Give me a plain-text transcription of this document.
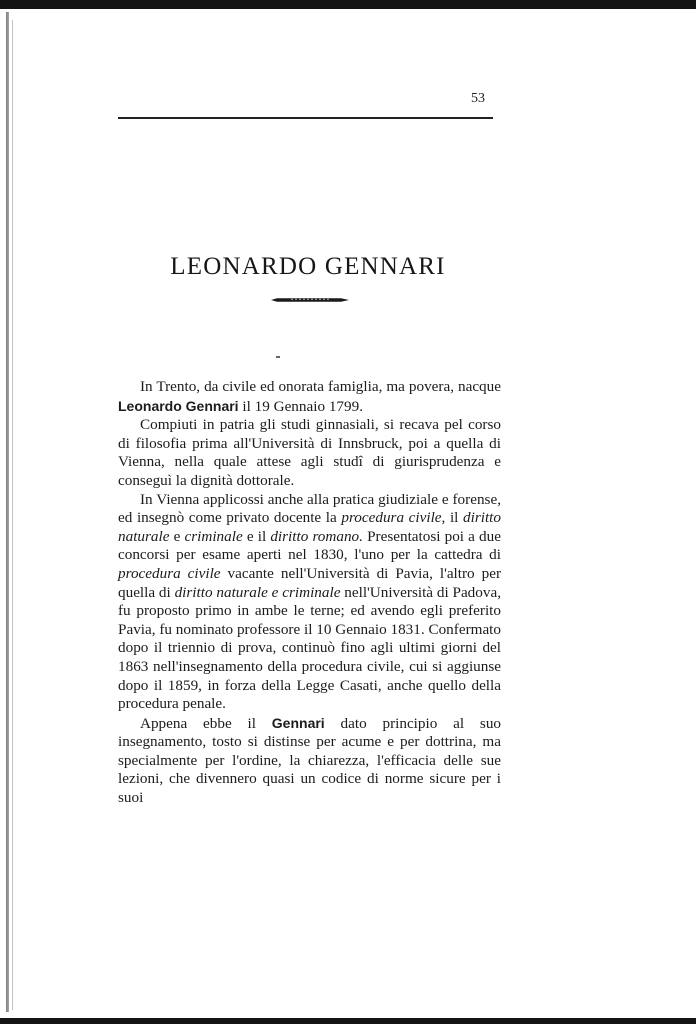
53
LEONARDO GENNARI

In Trento, da civile ed onorata famiglia, ma povera, nacque Leonardo Gennari il 19 Gennaio 1799.

Compiuti in patria gli studi ginnasiali, si recava pel corso di filosofia prima all'Università di Innsbruck, poi a quella di Vienna, nella quale attese agli studî di giurisprudenza e conseguì la dignità dottorale.

In Vienna applicossi anche alla pratica giudiziale e forense, ed insegnò come privato docente la procedura civile, il diritto naturale e criminale e il diritto romano. Presentatosi poi a due concorsi per esame aperti nel 1830, l'uno per la cattedra di procedura civile vacante nell'Università di Pavia, l'altro per quella di diritto naturale e criminale nell'Università di Padova, fu proposto primo in ambe le terne; ed avendo egli preferito Pavia, fu nominato professore il 10 Gennaio 1831. Confermato dopo il triennio di prova, continuò fino agli ultimi giorni del 1863 nell'insegnamento della procedura civile, cui si aggiunse dopo il 1859, in forza della Legge Casati, anche quello della procedura penale.

Appena ebbe il Gennari dato principio al suo insegnamento, tosto si distinse per acume e per dottrina, ma specialmente per l'ordine, la chiarezza, l'efficacia delle sue lezioni, che divennero quasi un codice di norme sicure per i suoi
